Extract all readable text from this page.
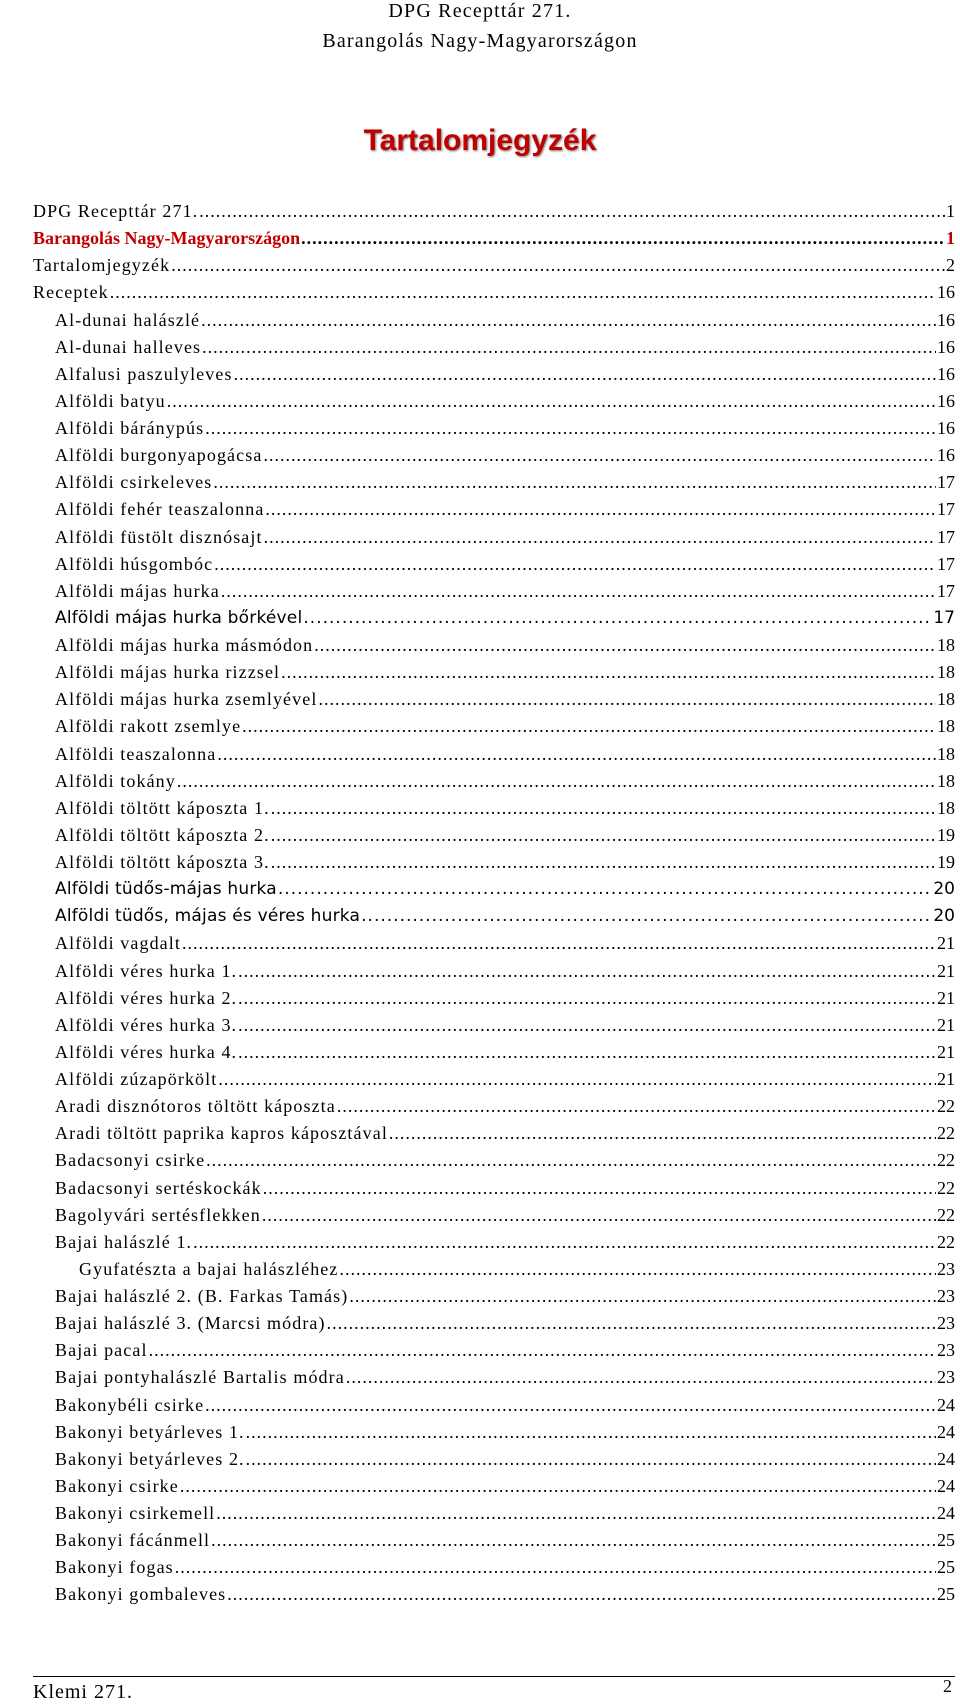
DPG Recepttár 271.
Barangolás Nagy-Magyarországon
Tartalomjegyzék
DPG Recepttár 271. .....	1
Barangolás Nagy-Magyarországon .....	1
Tartalomjegyzék .....	2
Receptek .....	16
Al-dunai halászlé .....	16
Al-dunai halleves .....	16
Alfalusi paszulyleves .....	16
Alföldi batyu .....	16
Alföldi báránypús .....	16
Alföldi burgonyapogácsa .....	16
Alföldi csirkeleves .....	17
Alföldi fehér teaszalonna .....	17
Alföldi füstölt disznósajt .....	17
Alföldi húsgombóc .....	17
Alföldi májas hurka .....	17
Alföldi májas hurka bőrkével .....	17
Alföldi májas hurka másmódon .....	18
Alföldi májas hurka rizzsel .....	18
Alföldi májas hurka zsemlyével .....	18
Alföldi rakott zsemlye .....	18
Alföldi teaszalonna .....	18
Alföldi tokány .....	18
Alföldi töltött káposzta 1. .....	18
Alföldi töltött káposzta 2. .....	19
Alföldi töltött káposzta 3. .....	19
Alföldi tüdős-májas hurka .....	20
Alföldi tüdős, májas és véres hurka .....	20
Alföldi vagdalt .....	21
Alföldi véres hurka 1. .....	21
Alföldi véres hurka 2. .....	21
Alföldi véres hurka 3. .....	21
Alföldi véres hurka 4. .....	21
Alföldi zúzapörkölt .....	21
Aradi disznótoros töltött káposzta .....	22
Aradi töltött paprika kapros káposztával .....	22
Badacsonyi csirke .....	22
Badacsonyi sertéskockák .....	22
Bagolyvári sertésflekken .....	22
Bajai halászlé 1. .....	22
Gyufatészta a bajai halászléhez .....	23
Bajai halászlé 2. (B. Farkas Tamás) .....	23
Bajai halászlé 3. (Marcsi módra) .....	23
Bajai pacal .....	23
Bajai pontyhalászlé Bartalis módra .....	23
Bakonybéli csirke .....	24
Bakonyi betyárleves 1. .....	24
Bakonyi betyárleves 2. .....	24
Bakonyi csirke .....	24
Bakonyi csirkemell .....	24
Bakonyi fácánmell .....	25
Bakonyi fogas .....	25
Bakonyi gombaleves .....	25
Klemi 271.	2
